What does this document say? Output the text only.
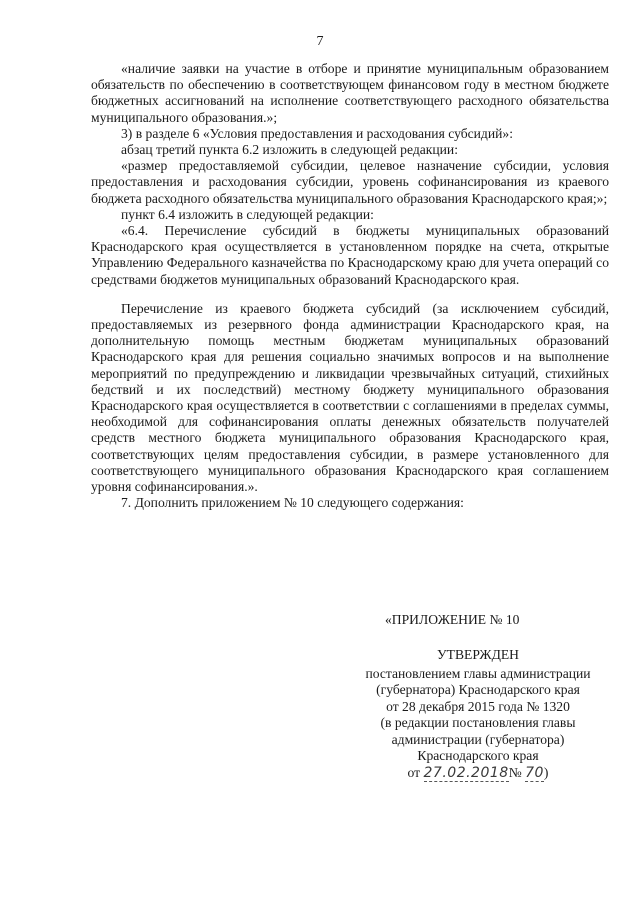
7

«наличие заявки на участие в отборе и принятие муниципальным образованием обязательств по обеспечению в соответствующем финансовом году в местном бюджете бюджетных ассигнований на исполнение соответствующего расходного обязательства муниципального образования.»;

3) в разделе 6 «Условия предоставления и расходования субсидий»:

абзац третий пункта 6.2 изложить в следующей редакции:

«размер предоставляемой субсидии, целевое назначение субсидии, условия предоставления и расходования субсидии, уровень софинансирования из краевого бюджета расходного обязательства муниципального образования Краснодарского края;»;

пункт 6.4 изложить в следующей редакции:

«6.4. Перечисление субсидий в бюджеты муниципальных образований Краснодарского края осуществляется в установленном порядке на счета, открытые Управлению Федерального казначейства по Краснодарскому краю для учета операций со средствами бюджетов муниципальных образований Краснодарского края.

Перечисление из краевого бюджета субсидий (за исключением субсидий, предоставляемых из резервного фонда администрации Краснодарского края, на дополнительную помощь местным бюджетам муниципальных образований Краснодарского края для решения социально значимых вопросов и на выполнение мероприятий по предупреждению и ликвидации чрезвычайных ситуаций, стихийных бедствий и их последствий) местному бюджету муниципального образования Краснодарского края осуществляется в соответствии с соглашениями в пределах суммы, необходимой для софинансирования оплаты денежных обязательств получателей средств местного бюджета муниципального образования Краснодарского края, соответствующих целям предоставления субсидии, в размере установленного для соответствующего муниципального образования Краснодарского края соглашением уровня софинансирования.».

7. Дополнить приложением № 10 следующего содержания:

«ПРИЛОЖЕНИЕ № 10
УТВЕРЖДЕН
постановлением главы администрации
(губернатора) Краснодарского края
от 28 декабря 2015 года № 1320
(в редакции постановления главы
администрации (губернатора)
Краснодарского края
от 27.02.2018№ 70)
